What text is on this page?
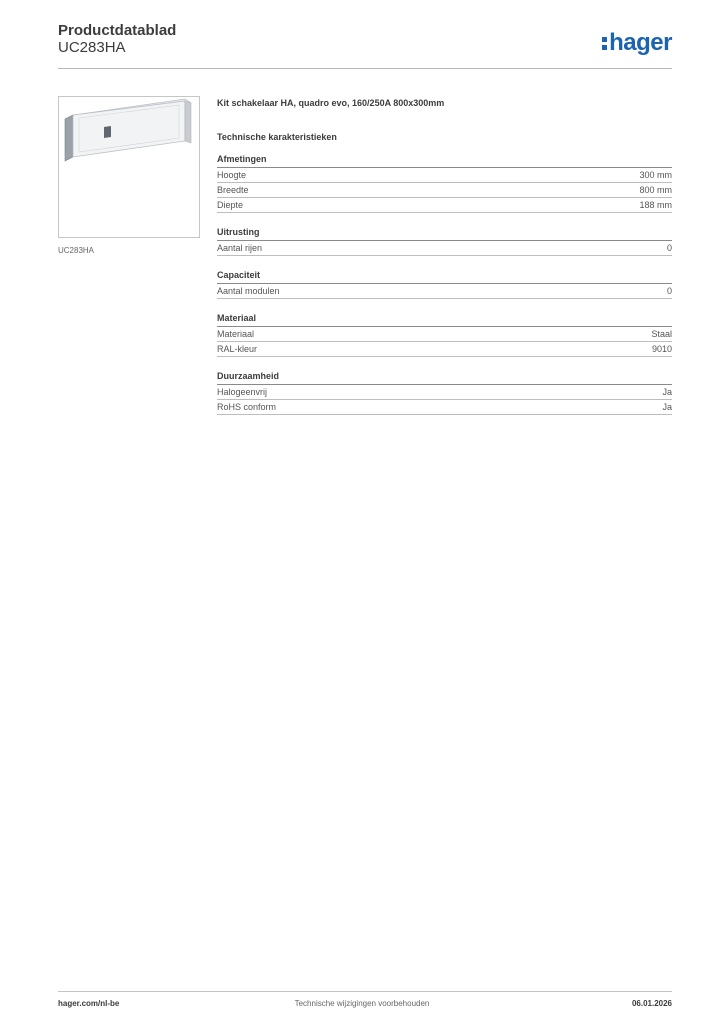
Productdatablad
UC283HA	hager
UC283HA
Kit schakelaar HA, quadro evo, 160/250A 800x300mm
Technische karakteristieken
Afmetingen
Hoogte	300 mm
Breedte	800 mm
Diepte	188 mm
Uitrusting
Aantal rijen	0
Capaciteit
Aantal modulen	0
Materiaal
Materiaal	Staal
RAL-kleur	9010
Duurzaamheid
Halogeenvrij	Ja
RoHS conform	Ja
hager.com/nl-be	Technische wijzigingen voorbehouden	06.01.2026
